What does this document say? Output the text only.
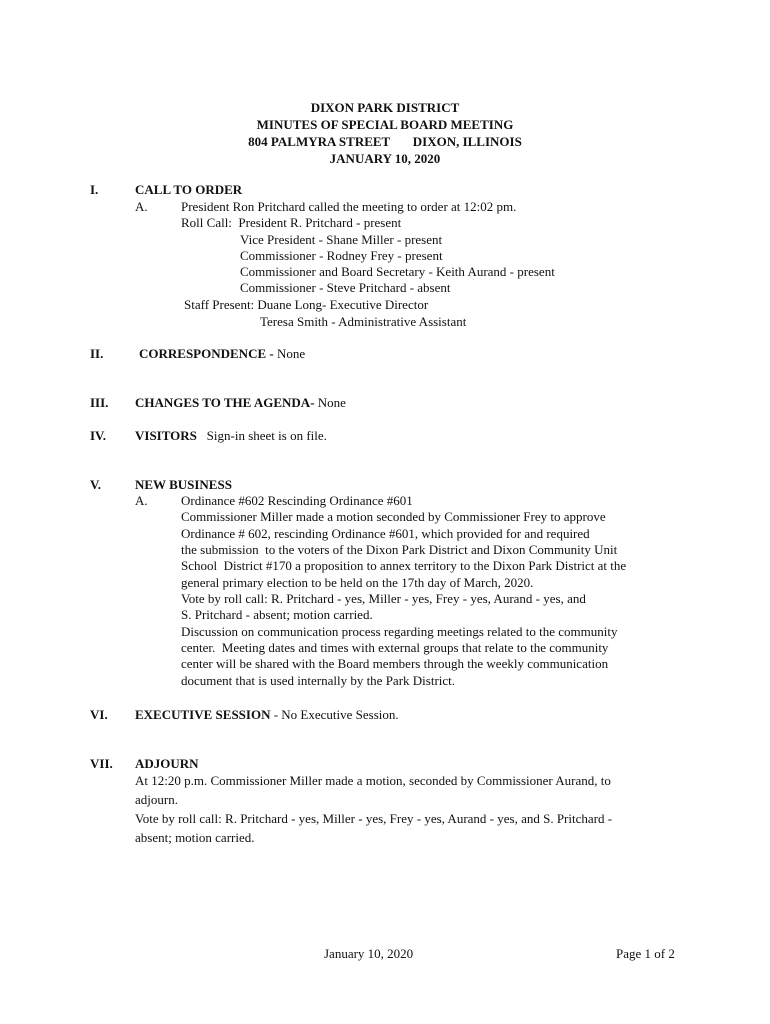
DIXON PARK DISTRICT
MINUTES OF SPECIAL BOARD MEETING
804 PALMYRA STREET       DIXON, ILLINOIS
JANUARY 10, 2020
I.	CALL TO ORDER
A.	President Ron Pritchard called the meeting to order at 12:02 pm.
Roll Call:  President R. Pritchard - present
Vice President - Shane Miller - present
Commissioner - Rodney Frey - present
Commissioner and Board Secretary - Keith Aurand - present
Commissioner - Steve Pritchard - absent
Staff Present: Duane Long- Executive Director
Teresa Smith - Administrative Assistant
II.	CORRESPONDENCE - None
III. CHANGES TO THE AGENDA- None
IV. VISITORS   Sign-in sheet is on file.
V.	NEW BUSINESS
A.	Ordinance #602 Rescinding Ordinance #601
Commissioner Miller made a motion seconded by Commissioner Frey to approve
Ordinance # 602, rescinding Ordinance #601, which provided for and required
the submission  to the voters of the Dixon Park District and Dixon Community Unit
School  District #170 a proposition to annex territory to the Dixon Park District at the
general primary election to be held on the 17th day of March, 2020.
Vote by roll call: R. Pritchard - yes, Miller - yes, Frey - yes, Aurand - yes, and
S. Pritchard - absent; motion carried.
Discussion on communication process regarding meetings related to the community
center.  Meeting dates and times with external groups that relate to the community
center will be shared with the Board members through the weekly communication
document that is used internally by the Park District.
VI. EXECUTIVE SESSION - No Executive Session.
VII. ADJOURN
At 12:20 p.m. Commissioner Miller made a motion, seconded by Commissioner Aurand, to
adjourn.
Vote by roll call: R. Pritchard - yes, Miller - yes, Frey - yes, Aurand - yes, and S. Pritchard -
absent; motion carried.
January 10, 2020	Page 1 of 2
